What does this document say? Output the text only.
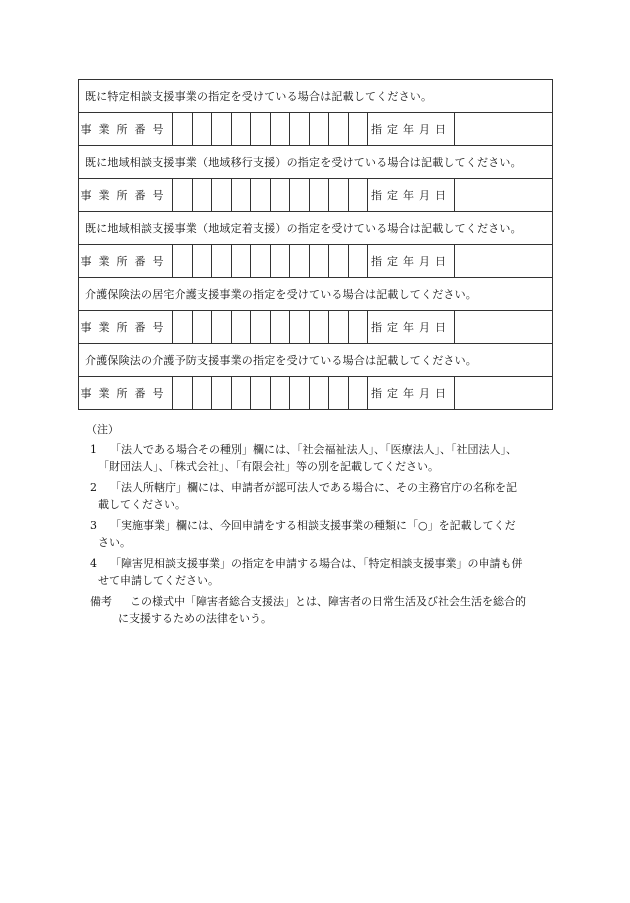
既に特定相談支援事業の指定を受けている場合は記載してください。												
事業所番号											指定年月日	
既に地域相談支援事業（地域移行支援）の指定を受けている場合は記載してください。												
事業所番号											指定年月日	
既に地域相談支援事業（地域定着支援）の指定を受けている場合は記載してください。												
事業所番号											指定年月日	
介護保険法の居宅介護支援事業の指定を受けている場合は記載してください。												
事業所番号											指定年月日	
介護保険法の介護予防支援事業の指定を受けている場合は記載してください。												
事業所番号											指定年月日	
（注）
1 「法人である場合その種別」欄には、「社会福祉法人」、「医療法人」、「社団法人」、
「財団法人」、「株式会社」、「有限会社」等の別を記載してください。
2 「法人所轄庁」欄には、申請者が認可法人である場合に、その主務官庁の名称を記
載してください。
3 「実施事業」欄には、今回申請をする相談支援事業の種類に「○」を記載してくだ
さい。
4 「障害児相談支援事業」の指定を申請する場合は、「特定相談支援事業」の申請も併
せて申請してください。
備考 この様式中「障害者総合支援法」とは、障害者の日常生活及び社会生活を総合的
に支援するための法律をいう。
